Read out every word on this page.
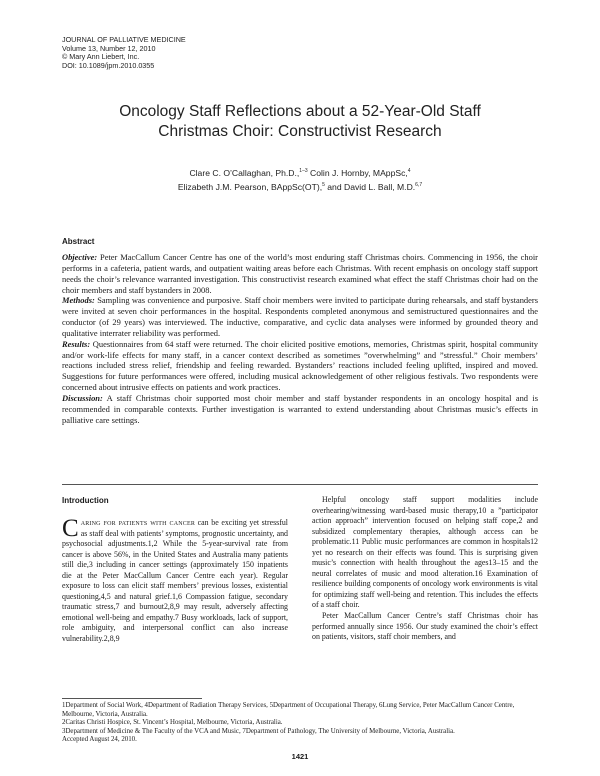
JOURNAL OF PALLIATIVE MEDICINE
Volume 13, Number 12, 2010
© Mary Ann Liebert, Inc.
DOI: 10.1089/jpm.2010.0355
Oncology Staff Reflections about a 52-Year-Old Staff
Christmas Choir: Constructivist Research
Clare C. O’Callaghan, Ph.D.,$^{1-3}$ Colin J. Hornby, MAppSc,$^4$
Elizabeth J.M. Pearson, BAppSc(OT),$^5$ and David L. Ball, M.D.$^{6,7}$
Abstract

Objective: Peter MacCallum Cancer Centre has one of the world’s most enduring staff Christmas choirs. Commencing in 1956, the choir performs in a cafeteria, patient wards, and outpatient waiting areas before each Christmas. With recent emphasis on oncology staff support needs the choir’s relevance warranted investigation. This constructivist research examined what effect the staff Christmas choir had on the choir members and staff bystanders in 2008.

Methods: Sampling was convenience and purposive. Staff choir members were invited to participate during rehearsals, and staff bystanders were invited at seven choir performances in the hospital. Respondents completed anonymous and semistructured questionnaires and the conductor (of 29 years) was interviewed. The inductive, comparative, and cyclic data analyses were informed by grounded theory and qualitative interrater reliability was performed.

Results: Questionnaires from 64 staff were returned. The choir elicited positive emotions, memories, Christmas spirit, hospital community and/or work-life effects for many staff, in a cancer context described as sometimes ”overwhelming” and ”stressful.” Choir members’ reactions included stress relief, friendship and feeling rewarded. Bystanders’ reactions included feeling uplifted, inspired and moved. Suggestions for future performances were offered, including musical acknowledgement of other religious festivals. Two respondents were concerned about intrusive effects on patients and work practices.

Discussion: A staff Christmas choir supported most choir member and staff bystander respondents in an oncology hospital and is recommended in comparable contexts. Further investigation is warranted to extend understanding about Christmas music’s effects in palliative care settings.

Introduction

Caring for patients with cancer can be exciting yet stressful as staff deal with patients’ symptoms, prognostic uncertainty, and psychosocial adjustments.1,2 While the 5-year-survival rate from cancer is above 56%, in the United States and Australia many patients still die,3 including in cancer settings (approximately 150 inpatients die at the Peter MacCallum Cancer Centre each year). Regular exposure to loss can elicit staff members’ previous losses, existential questioning,4,5 and natural grief.1,6 Compassion fatigue, secondary traumatic stress,7 and burnout2,8,9 may result, adversely affecting emotional well-being and empathy.7 Busy workloads, lack of support, role ambiguity, and interpersonal conflict can also increase vulnerability.2,8,9

Helpful oncology staff support modalities include overhearing/witnessing ward-based music therapy,10 a ”participator action approach” intervention focused on helping staff cope,2 and subsidized complementary therapies, although access can be problematic.11 Public music performances are common in hospitals12 yet no research on their effects was found. This is surprising given music’s connection with health throughout the ages13–15 and the neural correlates of music and mood alteration.16 Examination of resilience building components of oncology work environments is vital for optimizing staff well-being and retention. This includes the effects of a staff choir.

Peter MacCallum Cancer Centre’s staff Christmas choir has performed annually since 1956. Our study examined the choir’s effect on patients, visitors, staff choir members, and

1Department of Social Work, 4Department of Radiation Therapy Services, 5Department of Occupational Therapy, 6Lung Service, Peter MacCallum Cancer Centre, Melbourne, Victoria, Australia.
2Caritas Christi Hospice, St. Vincent’s Hospital, Melbourne, Victoria, Australia.
3Department of Medicine & The Faculty of the VCA and Music, 7Department of Pathology, The University of Melbourne, Victoria, Australia.
Accepted August 24, 2010.
1421
